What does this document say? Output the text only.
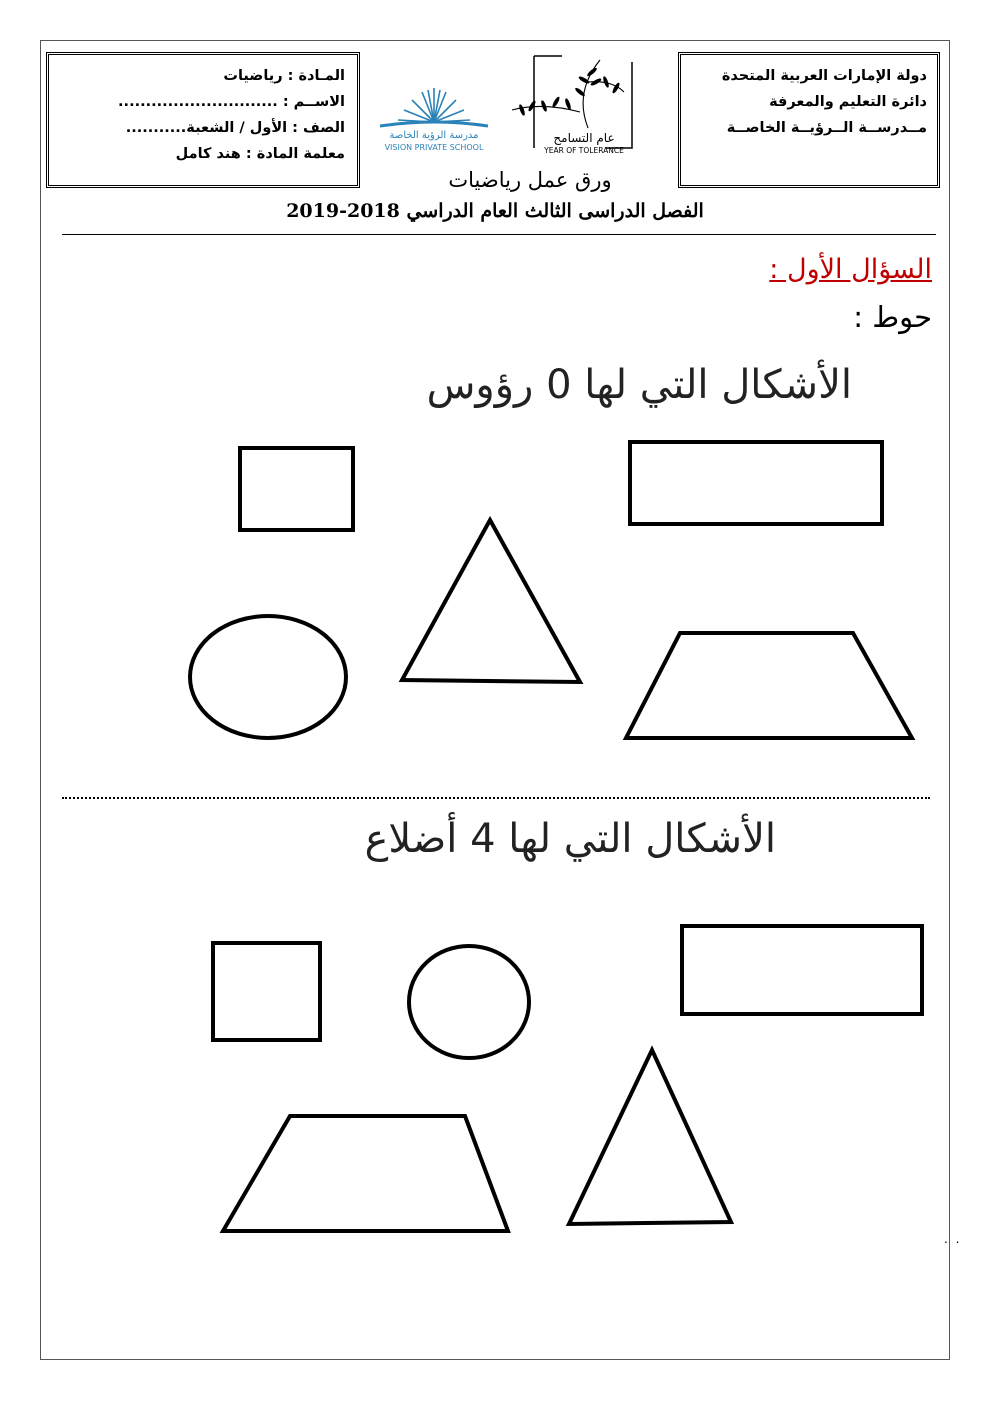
دولة الإمارات العربية المتحدة
دائرة التعليم والمعرفة
مــدرســة الــرؤيــة الخاصــة
المـادة : رياضيات
الاســم : .............................
الصف : الأول / الشعبة...........
معلمة المادة : هند كامل
مدرسة الرؤية الخاصة
VISION PRIVATE SCHOOL
عام التسامح
YEAR OF TOLERANCE
ورق عمل رياضيات
الفصل الدراسى الثالث العام الدراسي 2018-2019
السؤال الأول :
حوط :
الأشكال التي لها 0 رؤوس
الأشكال التي لها 4 أضلاع
. .
